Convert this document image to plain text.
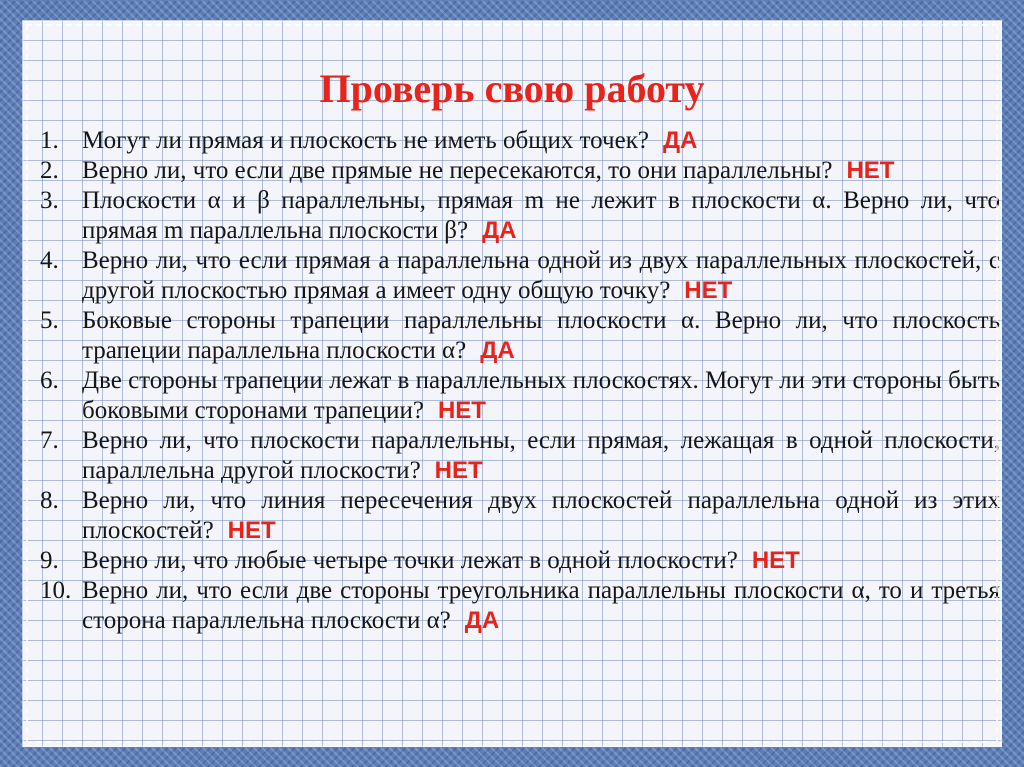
Проверь свою работу
1. Могут ли прямая и плоскость не иметь общих точек? ДА
2. Верно ли, что если две прямые не пересекаются, то они параллельны? НЕТ
3. Плоскости α и β параллельны, прямая m не лежит в плоскости α. Верно ли, что прямая m параллельна плоскости β? ДА
4. Верно ли, что если прямая а параллельна одной из двух параллельных плоскостей, с другой плоскостью прямая а имеет одну общую точку? НЕТ
5. Боковые стороны трапеции параллельны плоскости α. Верно ли, что плоскость трапеции параллельна плоскости α? ДА
6. Две стороны трапеции лежат в параллельных плоскостях. Могут ли эти стороны быть боковыми сторонами трапеции? НЕТ
7. Верно ли, что плоскости параллельны, если прямая, лежащая в одной плоскости, параллельна другой плоскости? НЕТ
8. Верно ли, что линия пересечения двух плоскостей параллельна одной из этих плоскостей? НЕТ
9. Верно ли, что любые четыре точки лежат в одной плоскости? НЕТ
10. Верно ли, что если две стороны треугольника параллельны плоскости α, то и третья сторона параллельна плоскости α? ДА
